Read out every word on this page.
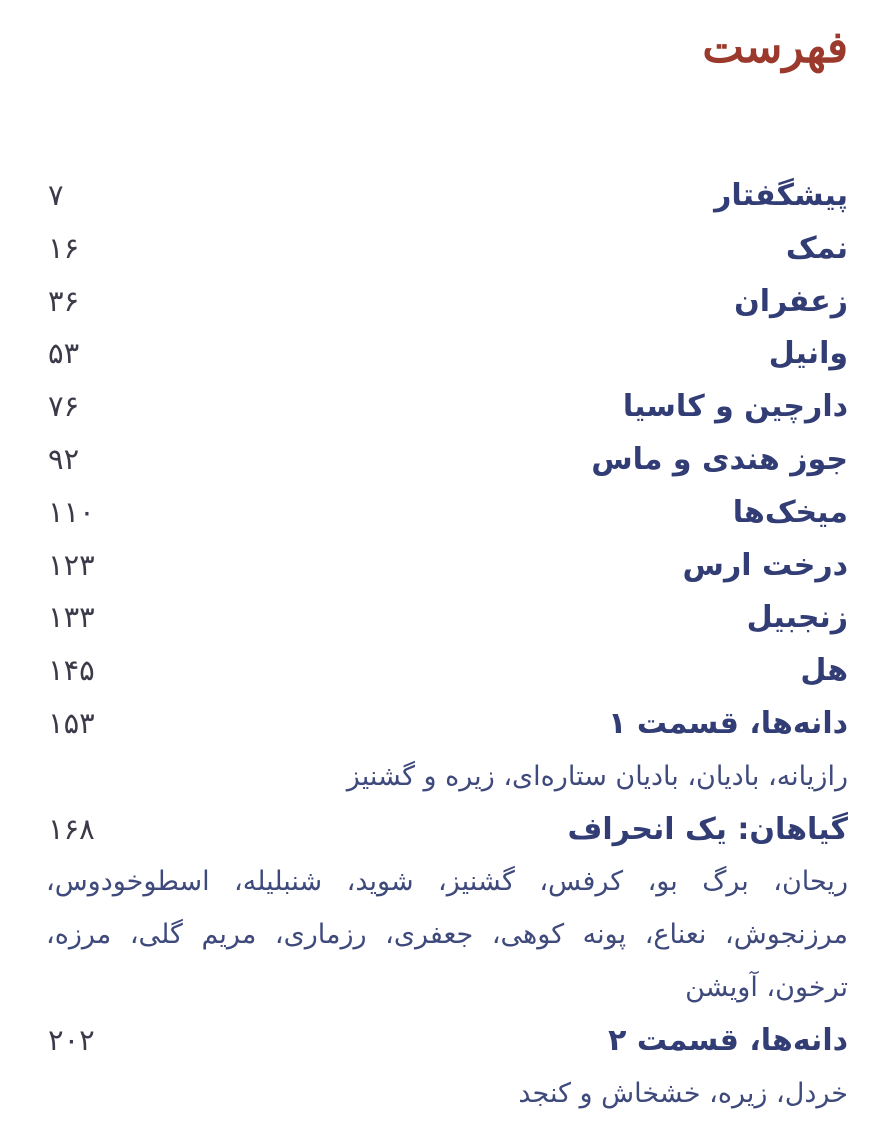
فهرست
پیشگفتار
۷
نمک
۱۶
زعفران
۳۶
وانیل
۵۳
دارچین و کاسیا
۷۶
جوز هندی و ماس
۹۲
میخک‌ها
۱۱۰
درخت ارس
۱۲۳
زنجبیل
۱۳۳
هل
۱۴۵
دانه‌ها، قسمت ۱
۱۵۳

رازیانه، بادیان، بادیان ستاره‌ای، زیره و گشنیز

گیاهان: یک انحراف
۱۶۸

ریحان، برگ بو، کرفس، گشنیز، شوید، شنبلیله، اسطوخودوس، مرزنجوش، نعناع، پونه کوهی، جعفری، رزماری، مریم گلی، مرزه، ترخون، آویشن

دانه‌ها، قسمت ۲
۲۰۲

خردل، زیره، خشخاش و کنجد
